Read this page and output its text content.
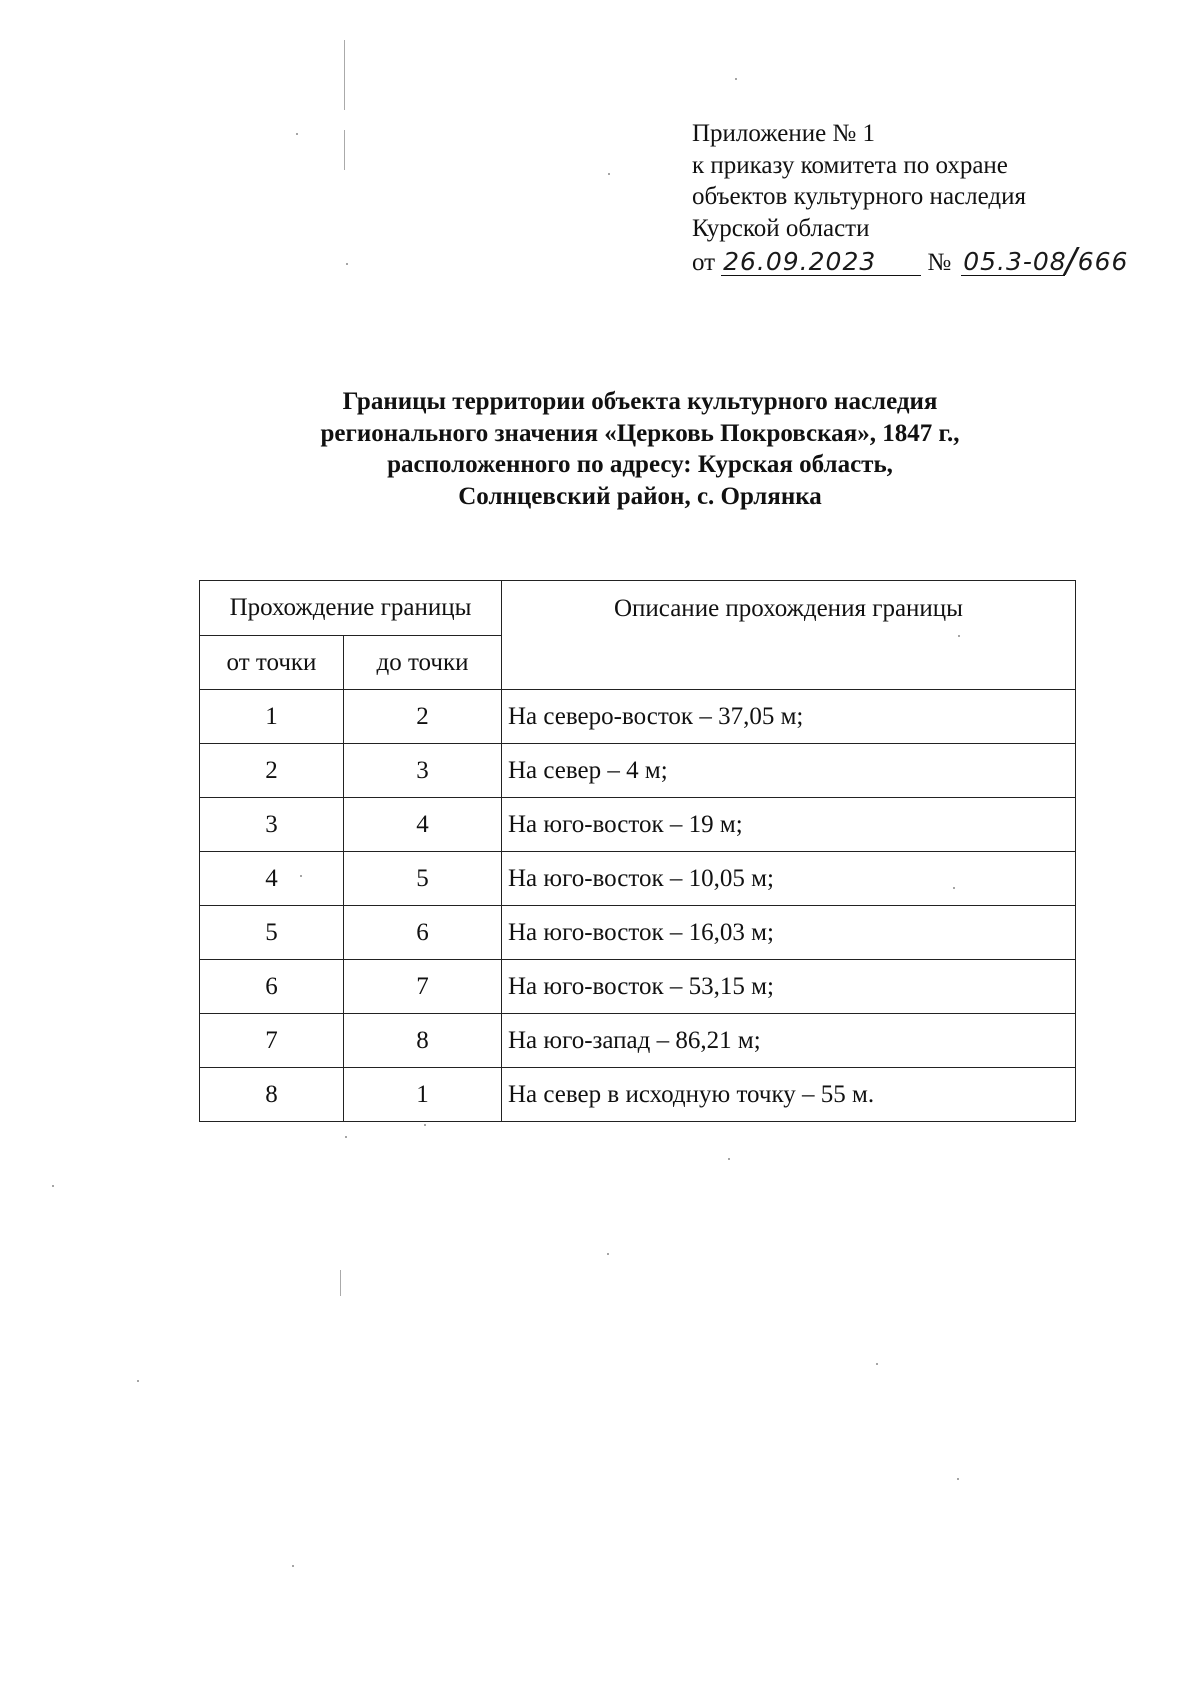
Приложение № 1
к приказу комитета по охране
объектов культурного наследия
Курской области
от 26.09.2023 № 05.3-08/666
Границы территории объекта культурного наследия
регионального значения «Церковь Покровская», 1847 г.,
расположенного по адресу: Курская область,
Солнцевский район, с. Орлянка
Прохождение границы		Описание прохождения границы
от точки	до точки	
1	2	На северо-восток – 37,05 м;
2	3	На север – 4 м;
3	4	На юго-восток – 19 м;
4	5	На юго-восток – 10,05 м;
5	6	На юго-восток – 16,03 м;
6	7	На юго-восток – 53,15 м;
7	8	На юго-запад – 86,21 м;
8	1	На север в исходную точку – 55 м.
